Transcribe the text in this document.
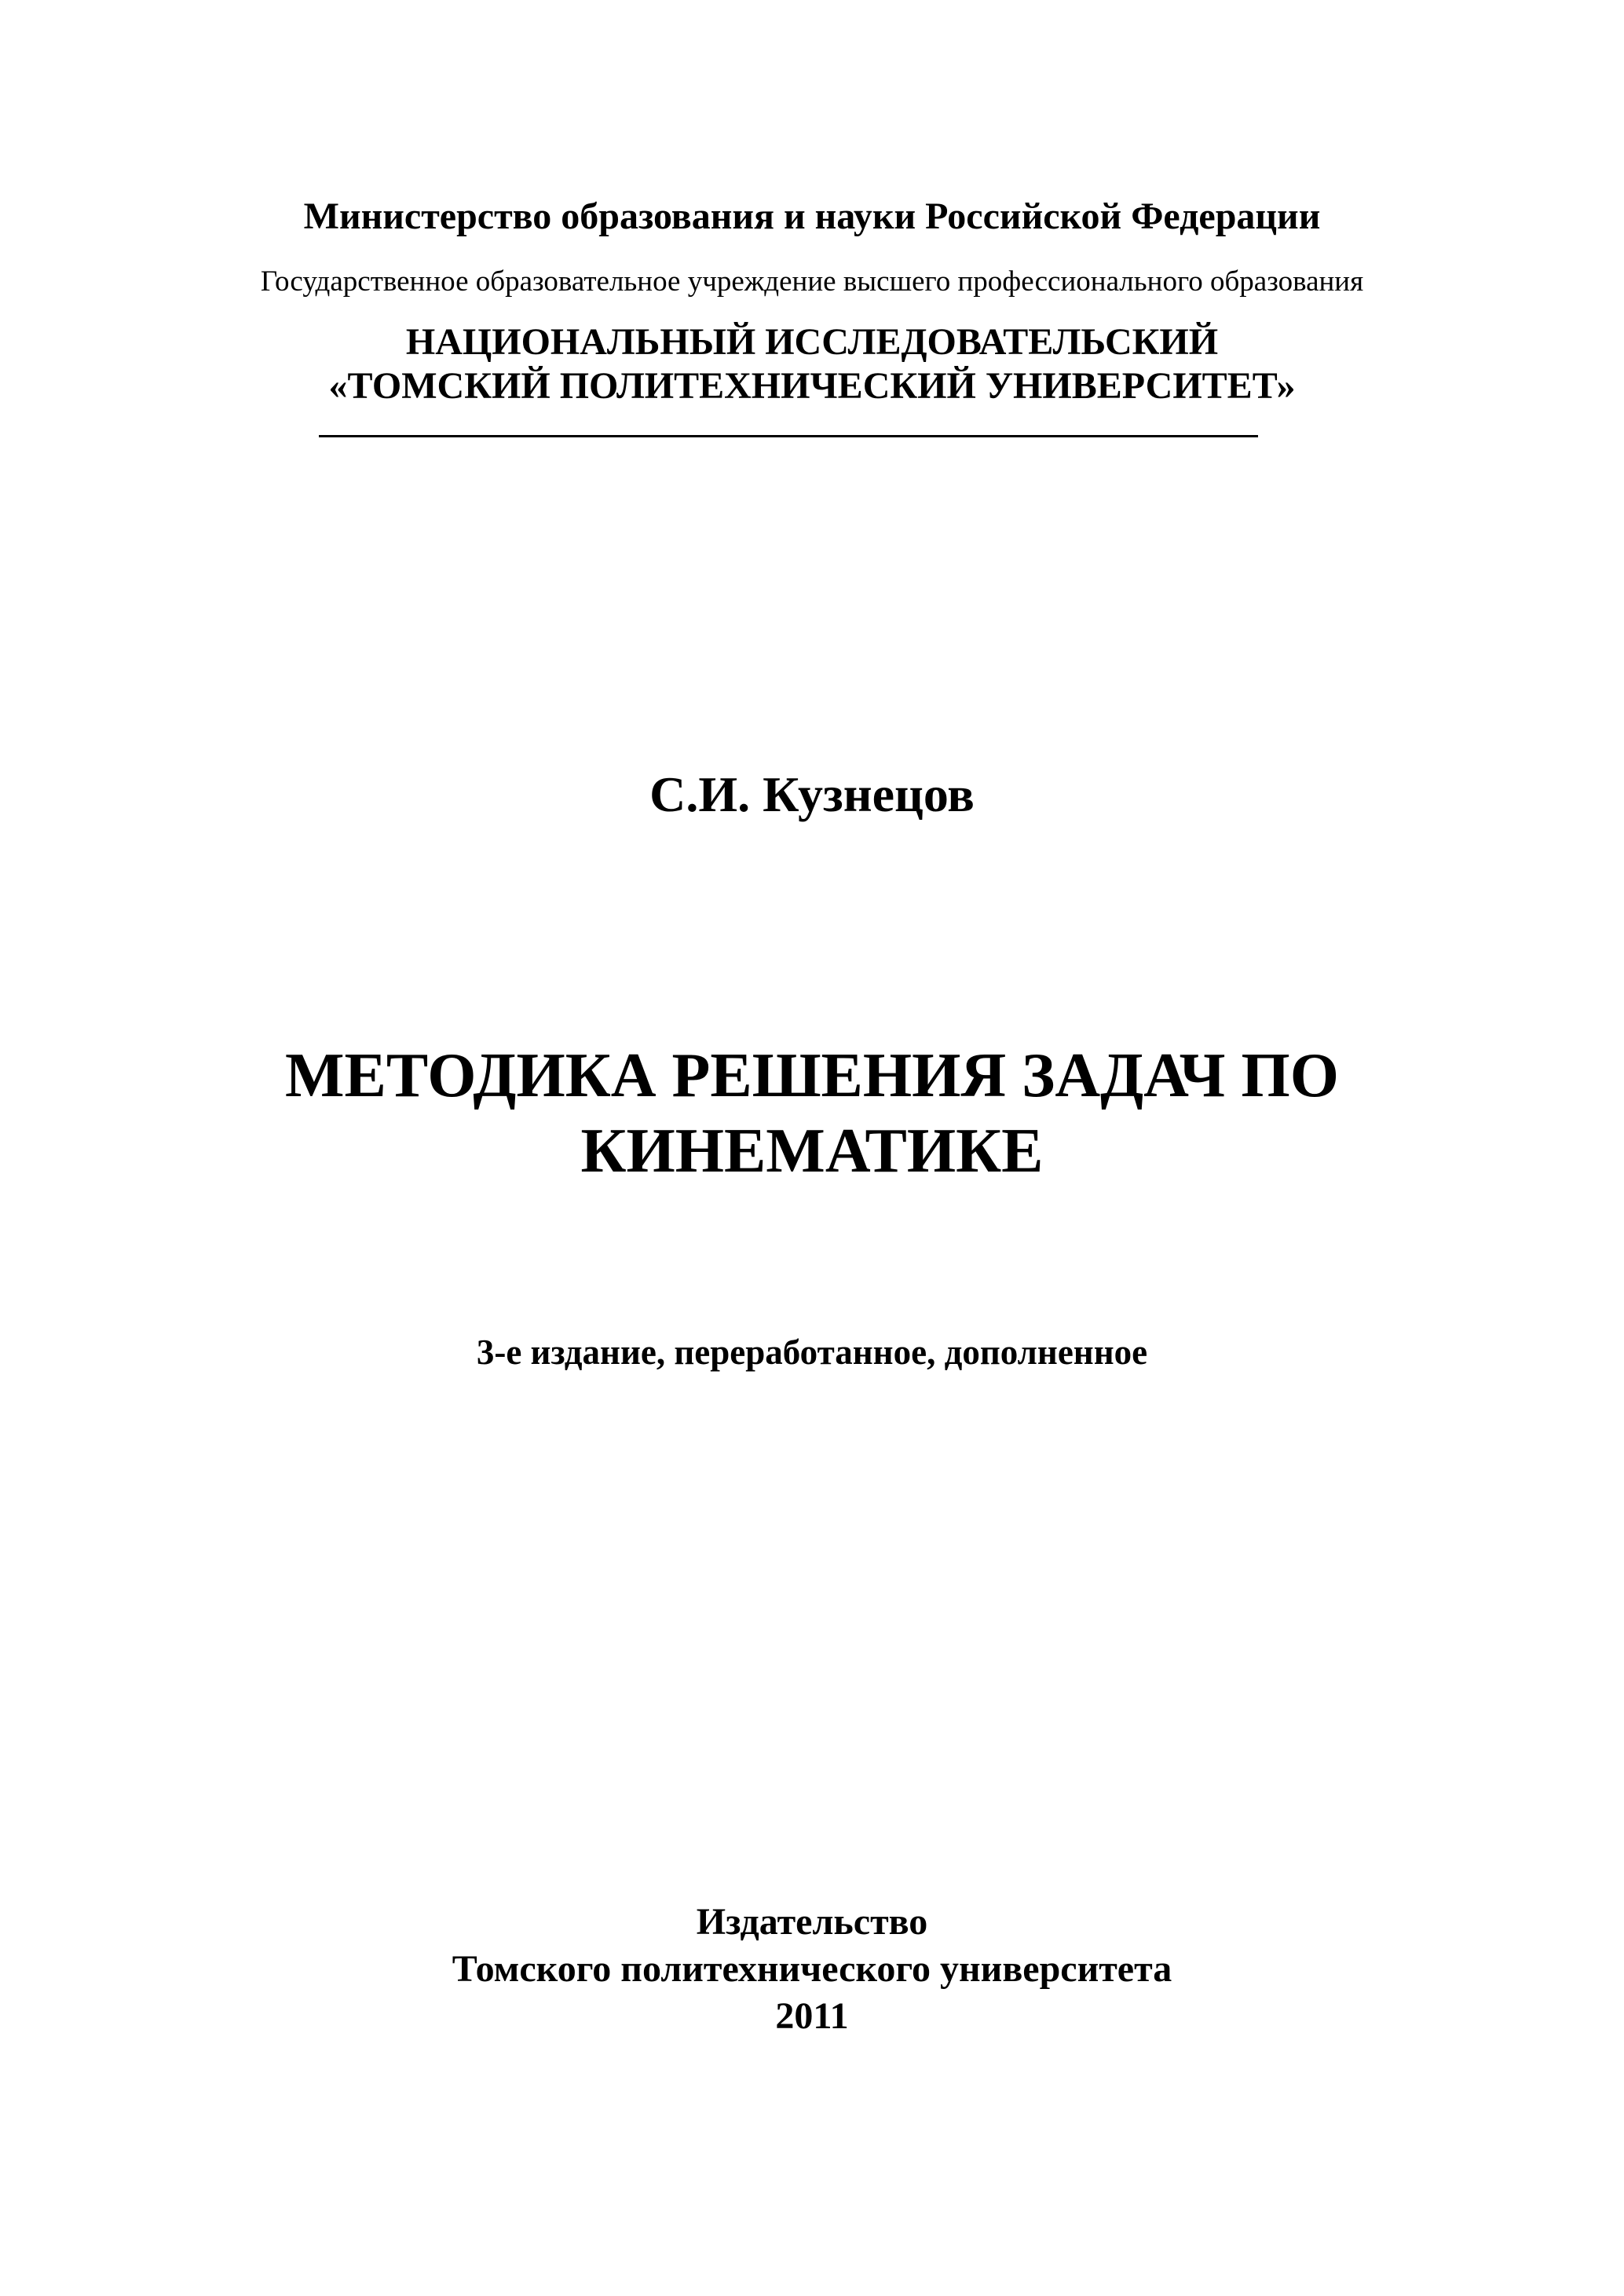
Министерство образования и науки Российской Федерации
Государственное образовательное учреждение высшего профессионального образования
НАЦИОНАЛЬНЫЙ ИССЛЕДОВАТЕЛЬСКИЙ
«ТОМСКИЙ ПОЛИТЕХНИЧЕСКИЙ УНИВЕРСИТЕТ»
С.И. Кузнецов
МЕТОДИКА РЕШЕНИЯ ЗАДАЧ ПО
КИНЕМАТИКЕ
3-е издание, переработанное, дополненное
Издательство
Томского политехнического университета
2011
